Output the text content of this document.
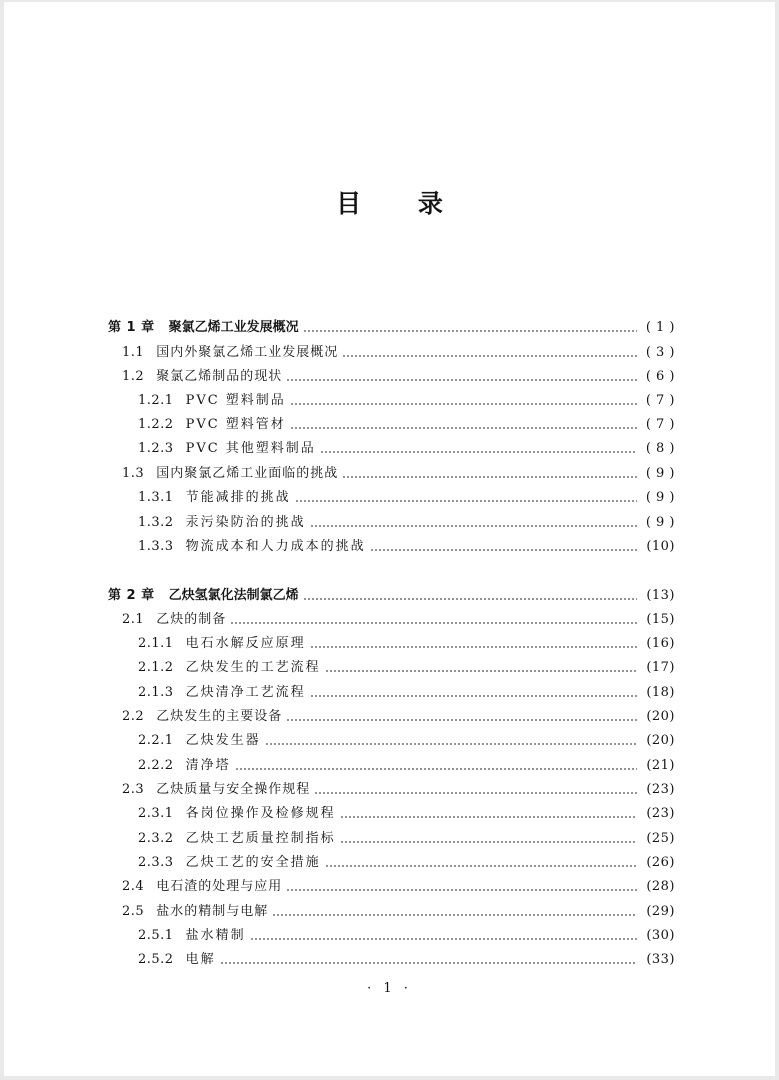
目 录
第 1 章	聚氯乙烯工业发展概况	( 1 )
1.1 国内外聚氯乙烯工业发展概况	( 3 )
1.2 聚氯乙烯制品的现状	( 6 )
1.2.1 PVC 塑料制品	( 7 )
1.2.2 PVC 塑料管材	( 7 )
1.2.3 PVC 其他塑料制品	( 8 )
1.3 国内聚氯乙烯工业面临的挑战	( 9 )
1.3.1 节能减排的挑战	( 9 )
1.3.2 汞污染防治的挑战	( 9 )
1.3.3 物流成本和人力成本的挑战	(10)
第 2 章	乙炔氢氯化法制氯乙烯	(13)
2.1 乙炔的制备	(15)
2.1.1 电石水解反应原理	(16)
2.1.2 乙炔发生的工艺流程	(17)
2.1.3 乙炔清净工艺流程	(18)
2.2 乙炔发生的主要设备	(20)
2.2.1 乙炔发生器	(20)
2.2.2 清净塔	(21)
2.3 乙炔质量与安全操作规程	(23)
2.3.1 各岗位操作及检修规程	(23)
2.3.2 乙炔工艺质量控制指标	(25)
2.3.3 乙炔工艺的安全措施	(26)
2.4 电石渣的处理与应用	(28)
2.5 盐水的精制与电解	(29)
2.5.1 盐水精制	(30)
2.5.2 电解	(33)
· 1 ·
